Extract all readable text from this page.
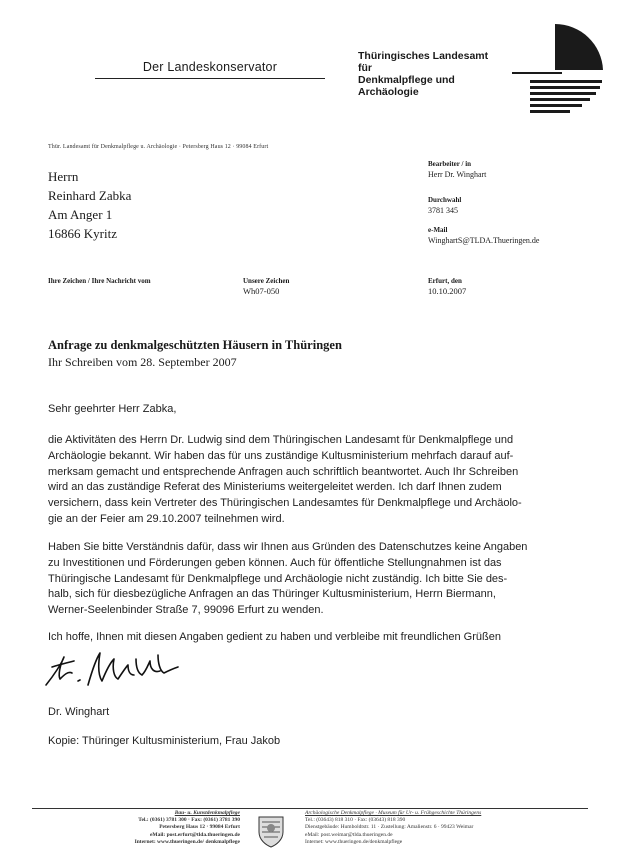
Der Landeskonservator
Thüringisches Landesamt für
Denkmalpflege und Archäologie
Thür. Landesamt für Denkmalpflege u. Archäologie · Petersberg Haus 12 · 99084 Erfurt
Herrn
Reinhard Zabka
Am Anger 1
16866 Kyritz
Bearbeiter / in
Herr Dr. Winghart
Durchwahl
3781 345
e-Mail
WinghartS@TLDA.Thueringen.de
Ihre Zeichen / Ihre Nachricht vom	Unsere Zeichen
Wh07-050
Erfurt, den
10.10.2007
Anfrage zu denkmalgeschützten Häusern in Thüringen
Ihr Schreiben vom 28. September 2007
Sehr geehrter Herr Zabka,
die Aktivitäten des Herrn Dr. Ludwig sind dem Thüringischen Landesamt für Denkmalpflege und
Archäologie bekannt. Wir haben das für uns zuständige Kultusministerium mehrfach darauf auf-
merksam gemacht und entsprechende Anfragen auch schriftlich beantwortet. Auch Ihr Schreiben
wird an das zuständige Referat des Ministeriums weitergeleitet werden. Ich darf Ihnen zudem
versichern, dass kein Vertreter des Thüringischen Landesamtes für Denkmalpflege und Archäolo-
gie an der Feier am 29.10.2007 teilnehmen wird.
Haben Sie bitte Verständnis dafür, dass wir Ihnen aus Gründen des Datenschutzes keine Angaben
zu Investitionen und Förderungen geben können. Auch für öffentliche Stellungnahmen ist das
Thüringische Landesamt für Denkmalpflege und Archäologie nicht zuständig. Ich bitte Sie des-
halb, sich für diesbezügliche Anfragen an das Thüringer Kultusministerium, Herrn Biermann,
Werner-Seelenbinder Straße 7, 99096 Erfurt zu wenden.
Ich hoffe, Ihnen mit diesen Angaben gedient zu haben und verbleibe mit freundlichen Grüßen
Dr. Winghart
Kopie: Thüringer Kultusministerium, Frau Jakob
Bau- u. Kunstdenkmalpflege
Tel.: (0361) 3781 300 · Fax: (0361) 3781 390
Petersberg Haus 12 · 99084 Erfurt
eMail: post.erfurt@tlda.thueringen.de
Internet: www.thueringen.de/ denkmalpflege
Archäologische Denkmalpflege · Museum für Ur- u. Frühgeschichte Thüringens
Tel.: (03643) 818 310 · Fax: (03643) 818 390
Dienstgebäude: Humboldtstr. 11 · Zustellung: Amalienstr. 6 · 99423 Weimar
eMail: post.weimar@tlda.thueringen.de
Internet: www.thueringen.de/denkmalpflege
